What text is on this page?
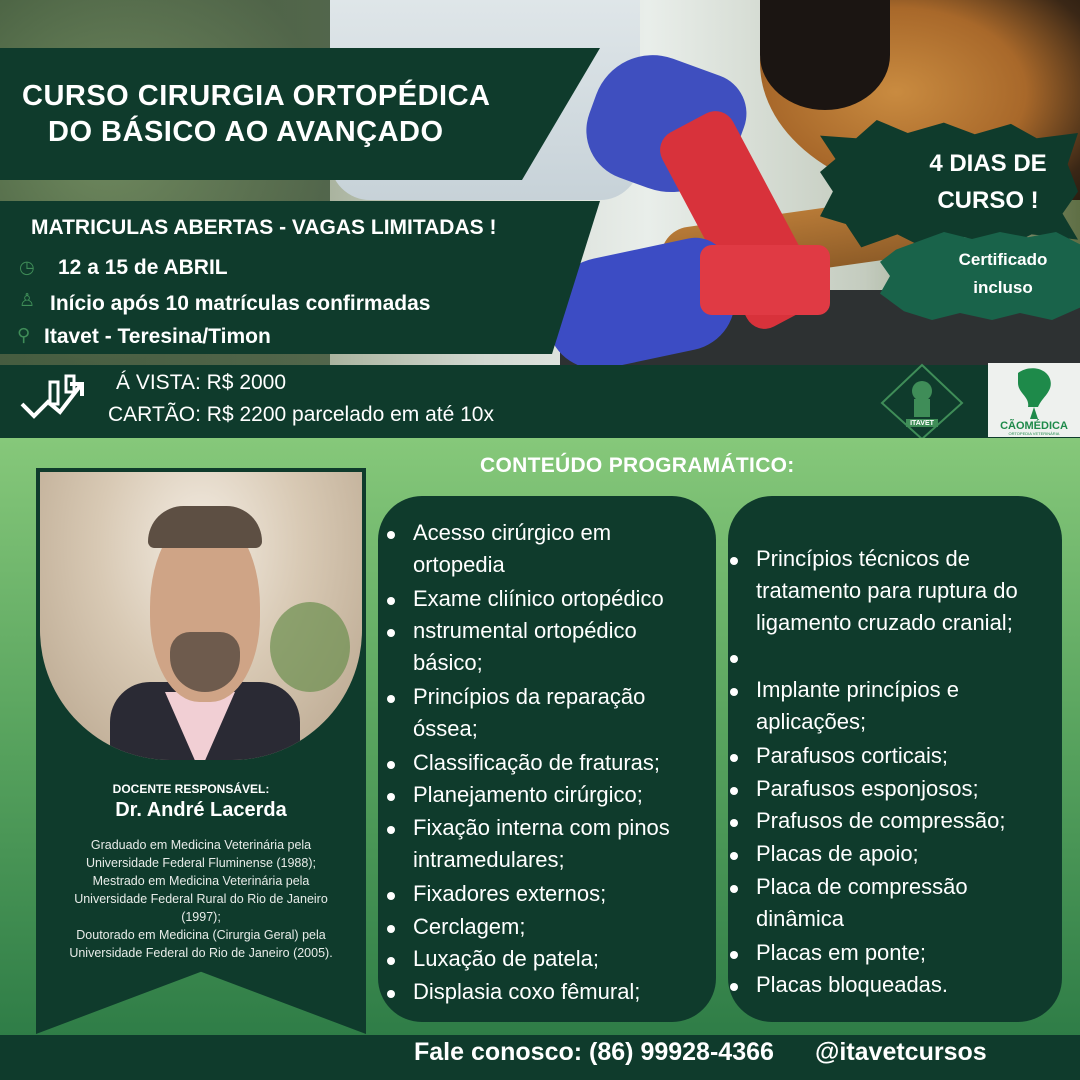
CURSO CIRURGIA ORTOPÉDICA
DO BÁSICO AO AVANÇADO
MATRICULAS ABERTAS - VAGAS LIMITADAS !
◷ 12 a 15 de ABRIL
♙ Início após 10 matrículas confirmadas
⚲ Itavet - Teresina/Timon
4 DIAS DE
CURSO !
Certificado
incluso
Á VISTA: R$ 2000
CARTÃO: R$ 2200 parcelado em até 10x	ITAVET	CÃOMÉDICA
ORTOPEDIA VETERINÁRIA
CONTEÚDO PROGRAMÁTICO:
DOCENTE RESPONSÁVEL:
Dr. André Lacerda
Graduado em Medicina Veterinária pela
Universidade Federal Fluminense (1988);
Mestrado em Medicina Veterinária pela
Universidade Federal Rural do Rio de Janeiro
(1997);
Doutorado em Medicina (Cirurgia Geral) pela
Universidade Federal do Rio de Janeiro (2005).
Acesso cirúrgico em
ortopedia
Exame cliínico ortopédico
nstrumental ortopédico
básico;
Princípios da reparação
óssea;
Classificação de fraturas;
Planejamento cirúrgico;
Fixação interna com pinos
intramedulares;
Fixadores externos;
Cerclagem;
Luxação de patela;
Displasia coxo fêmural;
Princípios técnicos de
tratamento para ruptura do
ligamento cruzado cranial;
Implante princípios e
aplicações;
Parafusos corticais;
Parafusos esponjosos;
Prafusos de compressão;
Placas de apoio;
Placa de compressão
dinâmica
Placas em ponte;
Placas bloqueadas.
Fale conosco: (86) 99928-4366 @itavetcursos
